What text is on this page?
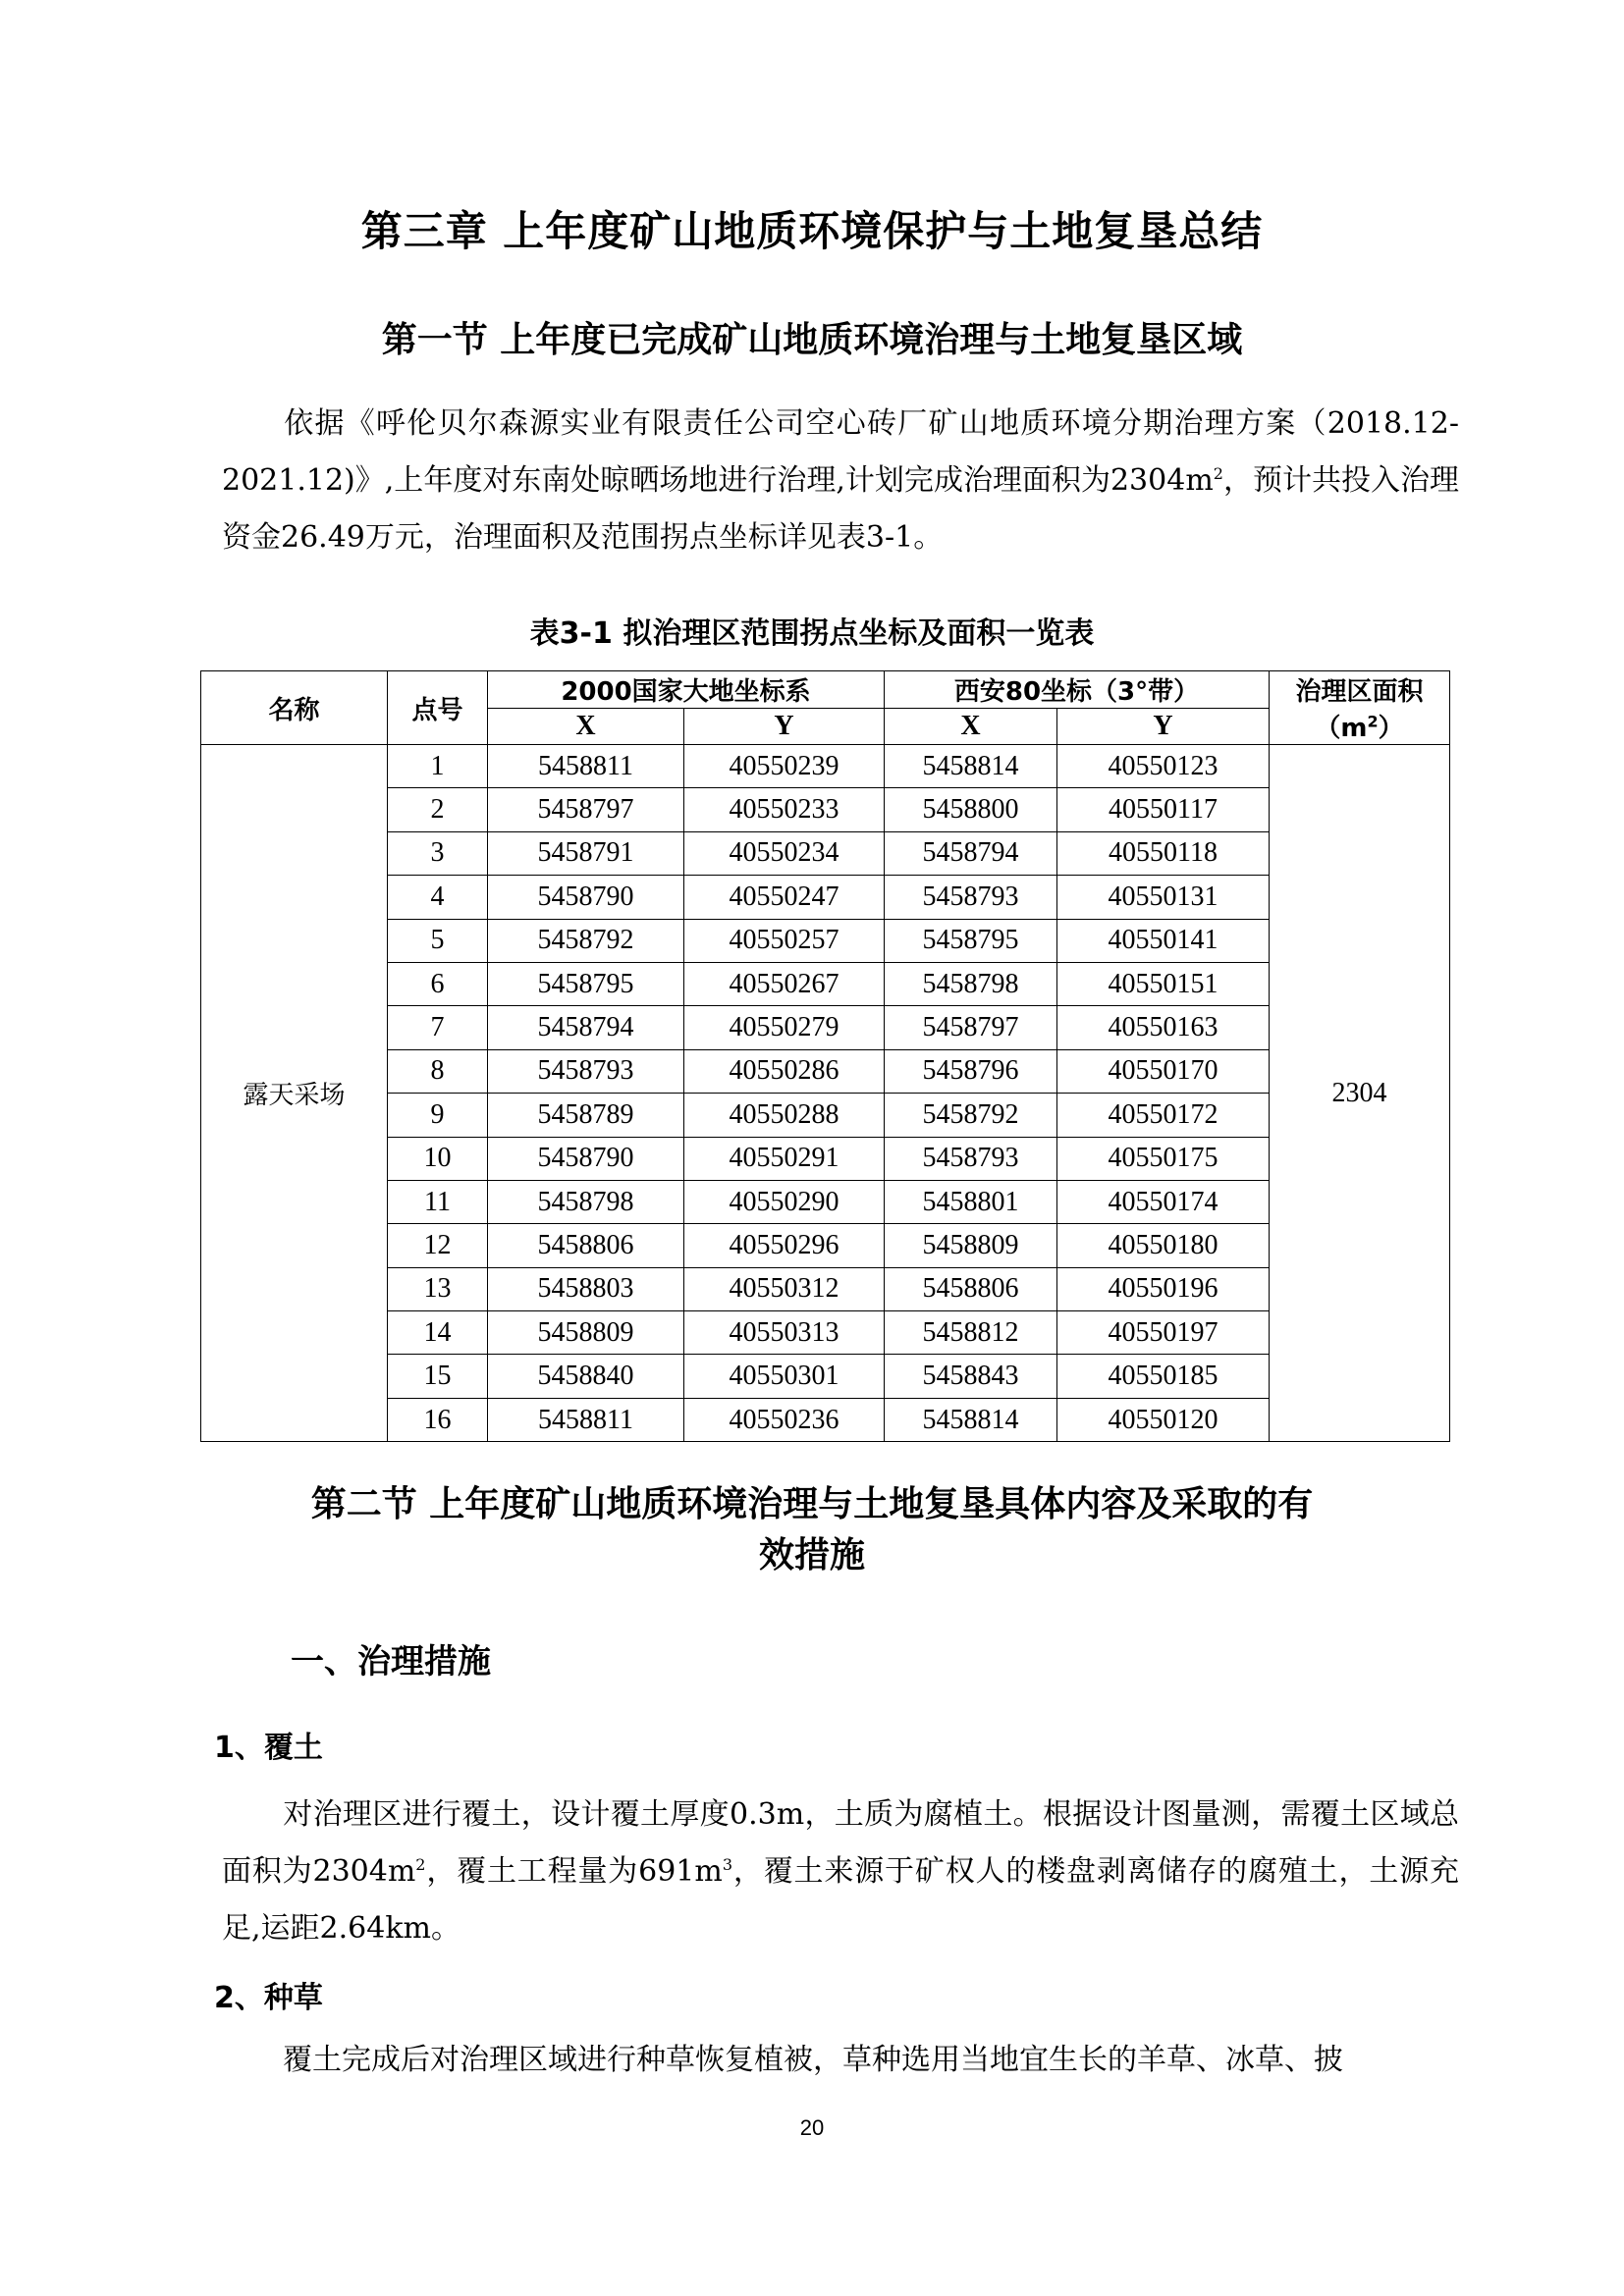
第三章 上年度矿山地质环境保护与土地复垦总结
第一节 上年度已完成矿山地质环境治理与土地复垦区域
依据《呼伦贝尔森源实业有限责任公司空心砖厂矿山地质环境分期治理方案（2018.12-2021.12)》,上年度对东南处晾晒场地进行治理,计划完成治理面积为$2304m^2$，预计共投入治理资金26.49万元，治理面积及范围拐点坐标详见表3-1。
表3-1 拟治理区范围拐点坐标及面积一览表
名称	点号	2000国家大地坐标系		西安80坐标（3°带）		治理区面积
$(m^2)$

		X	Y	X	Y	
露天采场	1	5458811	40550239	5458814	40550123	2304
	2	5458797	40550233	5458800	40550117	
	3	5458791	40550234	5458794	40550118	
	4	5458790	40550247	5458793	40550131	
	5	5458792	40550257	5458795	40550141	
	6	5458795	40550267	5458798	40550151	
	7	5458794	40550279	5458797	40550163	
	8	5458793	40550286	5458796	40550170	
	9	5458789	40550288	5458792	40550172	
	10	5458790	40550291	5458793	40550175	
	11	5458798	40550290	5458801	40550174	
	12	5458806	40550296	5458809	40550180	
	13	5458803	40550312	5458806	40550196	
	14	5458809	40550313	5458812	40550197	
	15	5458840	40550301	5458843	40550185	
	16	5458811	40550236	5458814	40550120	
第二节 上年度矿山地质环境治理与土地复垦具体内容及采取的有
效措施
一、治理措施
1、覆土
对治理区进行覆土，设计覆土厚度0.3m，土质为腐植土。根据设计图量测，需覆土区域总面积为$2304m^2$，覆土工程量为$691m^3$，覆土来源于矿权人的楼盘剥离储存的腐殖土，土源充足,运距2.64km。
2、种草
覆土完成后对治理区域进行种草恢复植被，草种选用当地宜生长的羊草、冰草、披
20
